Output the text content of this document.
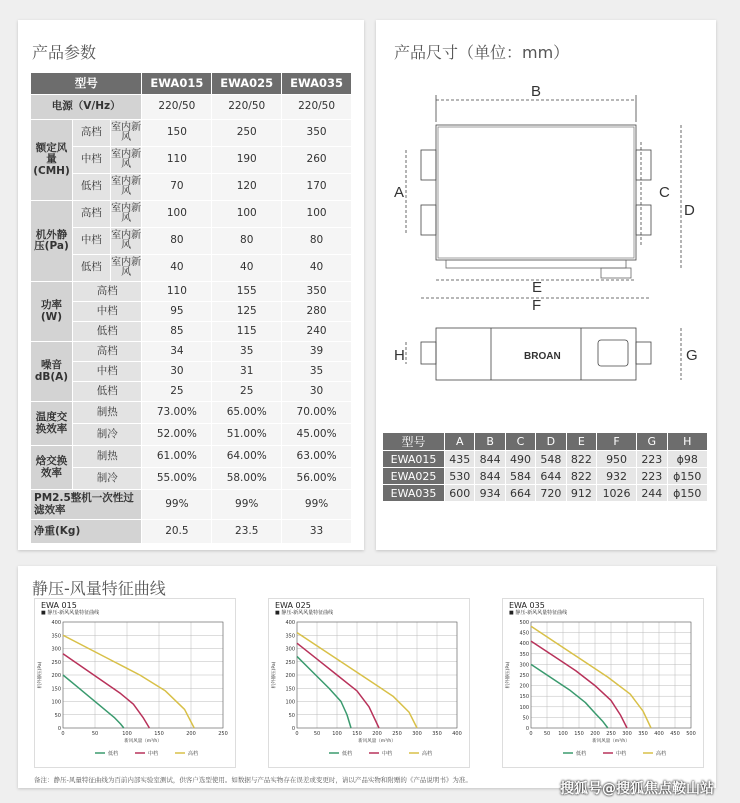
产品参数
型号			EWA015	EWA025	EWA035
电源（V/Hz）			220/50	220/50	220/50
额定风量(CMH)	高档	室内新风	150	250	350
	中档	室内新风	110	190	260
	低档	室内新风	70	120	170
机外静压(Pa)	高档	室内新风	100	100	100
	中档	室内新风	80	80	80
	低档	室内新风	40	40	40
功率(W)	高档		110	155	350
	中档		95	125	280
	低档		85	115	240
噪音dB(A)	高档		34	35	39
	中档		30	31	35
	低档		25	25	30
温度交换效率	制热		73.00%	65.00%	70.00%
	制冷		52.00%	51.00%	45.00%
焓交换效率	制热		61.00%	64.00%	63.00%
	制冷		55.00%	58.00%	56.00%
PM2.5整机一次性过滤效率			99%	99%	99%
净重(Kg)			20.5	23.5	33
产品尺寸（单位：mm）
B
A	C
D
E
F
H	G
BROAN
型号	A	B	C	D	E	F	G	H
EWA015	435	844	490	548	822	950	223	ϕ98
EWA025	530	844	584	644	822	932	223	ϕ150
EWA035	600	934	664	720	912	1026	244	ϕ150
静压-风量特征曲线
EWA 015
■ 静压-新风风量特征曲线
0
50
100
150
200
250
300
350
400
0	50	100	150	200	250
新风风量（m³/h）
机外静压(Pa)
低档	中档	高档
EWA 025
■ 静压-新风风量特征曲线
0
50
100
150
200
250
300
350
400
0	50 100 150 200 250 300 350 400
新风风量（m³/h）
机外静压(Pa)
低档	中档	高档
EWA 035
■ 静压-新风风量特征曲线
0
50
100
150
200
250
300
350
400
450
500
0 50 100 150 200 250 300 350 400 450 500
新风风量（m³/h）
机外静压(Pa)
低档	中档	高档
备注：静压-风量特征曲线为百前内部实验室测试，供客户选型使用。如数据与产品实物存在误差或变更时，请以产品实物和附赠的《产品说明书》为准。
搜狐号@搜狐焦点鞍山站
